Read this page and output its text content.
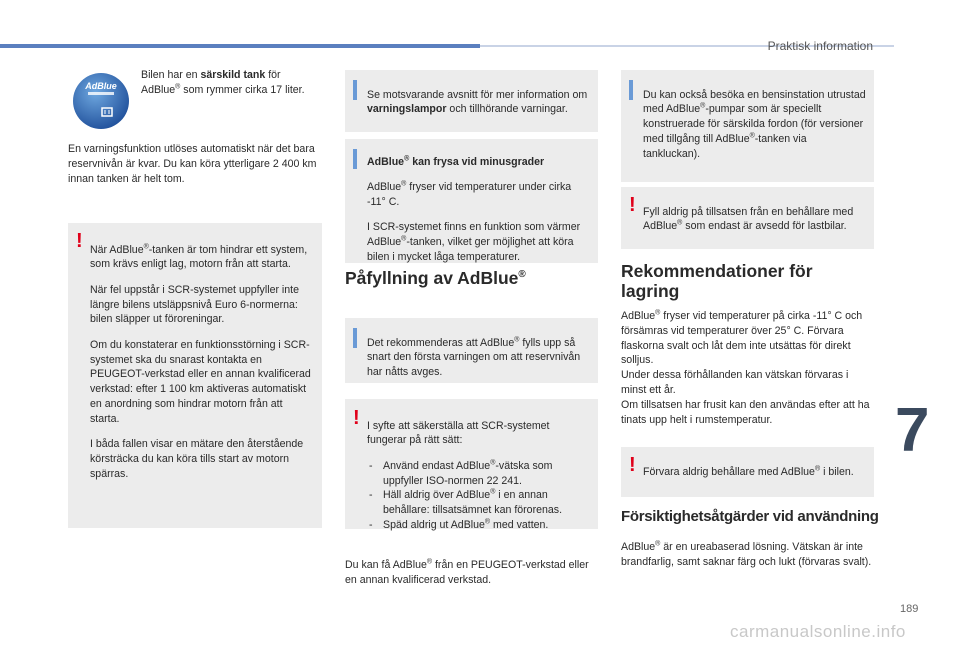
Praktisk information
AdBlue

Bilen har en särskild tank för AdBlue® som rymmer cirka 17 liter.

En varningsfunktion utlöses automatiskt när det bara reservnivån är kvar. Du kan köra ytterligare 2 400 km innan tanken är helt tom.

! När AdBlue®-tanken är tom hindrar ett system, som krävs enligt lag, motorn från att starta.

När fel uppstår i SCR-systemet uppfyller inte längre bilens utsläppsnivå Euro 6-normerna: bilen släpper ut föroreningar.

Om du konstaterar en funktionsstörning i SCR-systemet ska du snarast kontakta en PEUGEOT-verkstad eller en annan kvalificerad verkstad: efter 1 100 km aktiveras automatiskt en anordning som hindrar motorn från att starta.

I båda fallen visar en mätare den återstående körsträcka du kan köra tills start av motorn spärras.

Se motsvarande avsnitt för mer information om varningslampor och tillhörande varningar.

AdBlue® kan frysa vid minusgrader

AdBlue® fryser vid temperaturer under cirka -11° C.

I SCR-systemet finns en funktion som värmer AdBlue®-tanken, vilket ger möjlighet att köra bilen i mycket låga temperaturer.

Påfyllning av AdBlue®

Det rekommenderas att AdBlue® fylls upp så snart den första varningen om att reservnivån har nåtts avges.

! I syfte att säkerställa att SCR-systemet fungerar på rätt sätt:

- Använd endast AdBlue®-vätska som uppfyller ISO-normen 22 241.
- Häll aldrig över AdBlue® i en annan behållare: tillsatsämnet kan förorenas.
- Späd aldrig ut AdBlue® med vatten.

Du kan få AdBlue® från en PEUGEOT-verkstad eller en annan kvalificerad verkstad.

Du kan också besöka en bensinstation utrustad med AdBlue®-pumpar som är speciellt konstruerade för särskilda fordon (för versioner med tillgång till AdBlue®-tanken via tankluckan).

! Fyll aldrig på tillsatsen från en behållare med AdBlue® som endast är avsedd för lastbilar.

Rekommendationer för lagring

AdBlue® fryser vid temperaturer på cirka -11° C och försämras vid temperaturer över 25° C. Förvara flaskorna svalt och låt dem inte utsättas för direkt solljus.

Under dessa förhållanden kan vätskan förvaras i minst ett år.

Om tillsatsen har frusit kan den användas efter att ha tinats upp helt i rumstemperatur.

! Förvara aldrig behållare med AdBlue® i bilen.

Försiktighetsåtgärder vid användning

AdBlue® är en ureabaserad lösning. Vätskan är inte brandfarlig, samt saknar färg och lukt (förvaras svalt).

7
189
carmanualsonline.info
